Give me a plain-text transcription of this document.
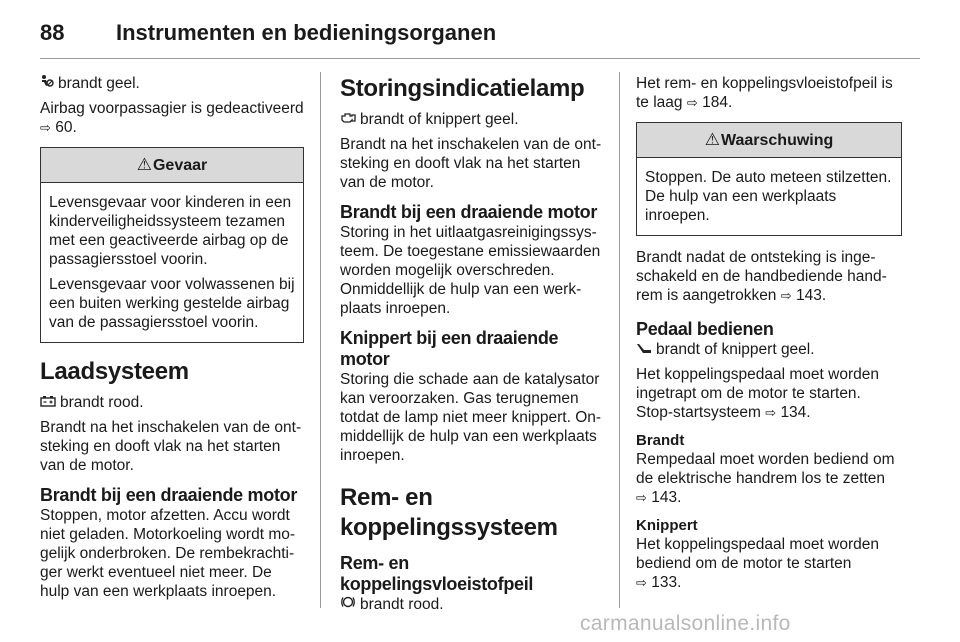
88 Instrumenten en bedieningsorganen

brandt geel.

Airbag voorpassagier is gedeactiveerd ⇨ 60.

⚠Gevaar

Levensgevaar voor kinderen in een kinderveiligheidssysteem tezamen met een geactiveerde airbag op de passagiersstoel voorin.

Levensgevaar voor volwassenen bij een buiten werking gestelde airbag van de passagiersstoel voorin.

Laadsysteem

brandt rood.

Brandt na het inschakelen van de ontsteking en dooft vlak na het starten van de motor.

Brandt bij een draaiende motor

Stoppen, motor afzetten. Accu wordt niet geladen. Motorkoeling wordt mogelijk onderbroken. De rembekrachtiger werkt eventueel niet meer. De hulp van een werkplaats inroepen.

Storingsindicatielamp

brandt of knippert geel.

Brandt na het inschakelen van de ontsteking en dooft vlak na het starten van de motor.

Brandt bij een draaiende motor

Storing in het uitlaatgasreinigingssysteem. De toegestane emissiewaarden worden mogelijk overschreden. Onmiddellijk de hulp van een werkplaats inroepen.

Knippert bij een draaiende motor

Storing die schade aan de katalysator kan veroorzaken. Gas terugnemen totdat de lamp niet meer knippert. Onmiddellijk de hulp van een werkplaats inroepen.

Rem- en koppelingssysteem
Rem- en koppelingsvloeistofpeil

brandt rood.

Het rem- en koppelingsvloeistofpeil is te laag ⇨ 184.

⚠Waarschuwing

Stoppen. De auto meteen stilzetten. De hulp van een werkplaats inroepen.

Brandt nadat de ontsteking is ingeschakeld en de handbediende handrem is aangetrokken ⇨ 143.

Pedaal bedienen

brandt of knippert geel.

Het koppelingspedaal moet worden ingetrapt om de motor te starten.
Stop-startsysteem ⇨ 134.

Brandt

Rempedaal moet worden bediend om de elektrische handrem los te zetten
⇨ 143.

Knippert

Het koppelingspedaal moet worden bediend om de motor te starten
⇨ 133.

carmanualsonline.info
